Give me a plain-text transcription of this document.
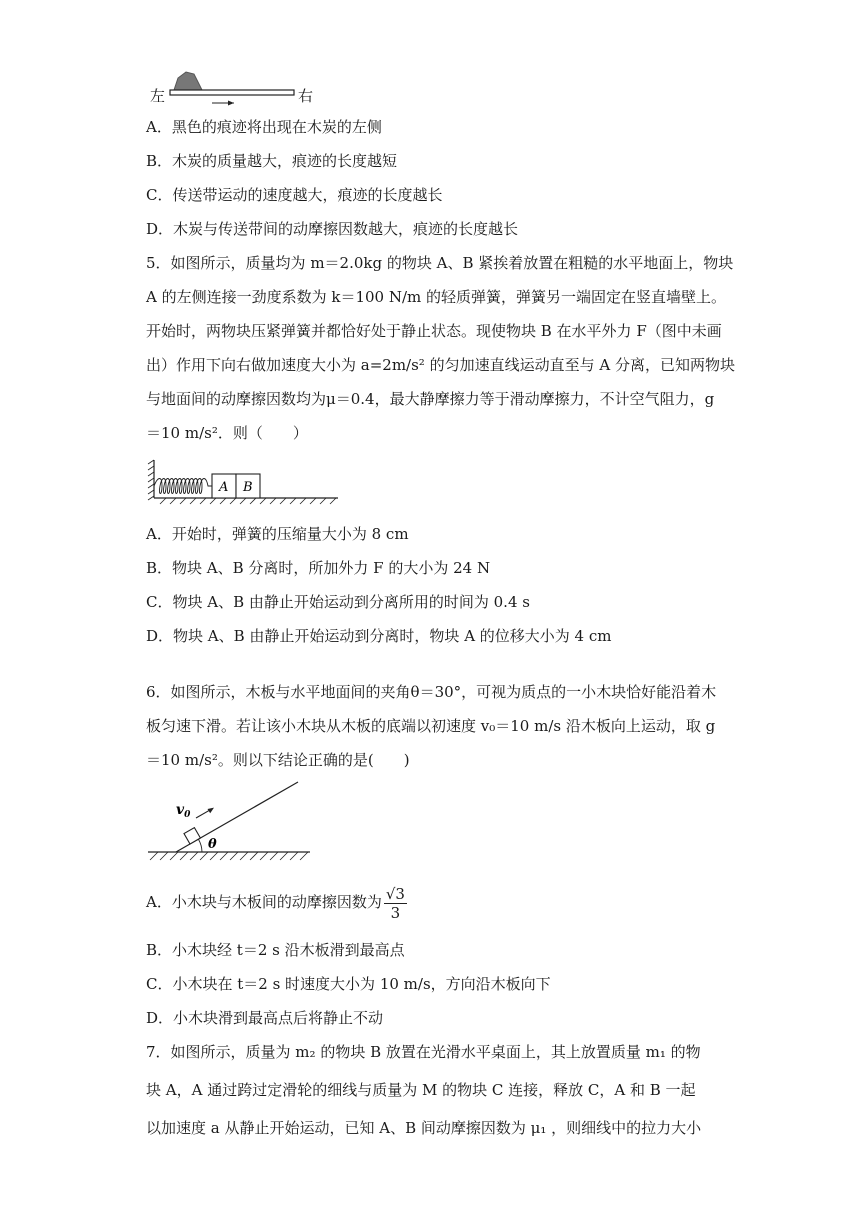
左	右
A．黑色的痕迹将出现在木炭的左侧
B．木炭的质量越大，痕迹的长度越短
C．传送带运动的速度越大，痕迹的长度越长
D．木炭与传送带间的动摩擦因数越大，痕迹的长度越长
5．如图所示，质量均为 m＝2.0kg 的物块 A、B 紧挨着放置在粗糙的水平地面上，物块
A 的左侧连接一劲度系数为 k＝100 N/m 的轻质弹簧，弹簧另一端固定在竖直墙壁上。
开始时，两物块压紧弹簧并都恰好处于静止状态。现使物块 B 在水平外力 F（图中未画
出）作用下向右做加速度大小为 a=2m/s² 的匀加速直线运动直至与 A 分离，已知两物块
与地面间的动摩擦因数均为μ＝0.4，最大静摩擦力等于滑动摩擦力，不计空气阻力，g
＝10 m/s²．则（　　）
A B
A．开始时，弹簧的压缩量大小为 8 cm
B．物块 A、B 分离时，所加外力 F 的大小为 24 N
C．物块 A、B 由静止开始运动到分离所用的时间为 0.4 s
D．物块 A、B 由静止开始运动到分离时，物块 A 的位移大小为 4 cm
6．如图所示，木板与水平地面间的夹角θ＝30°，可视为质点的一小木块恰好能沿着木
板匀速下滑。若让该小木块从木板的底端以初速度 v₀＝10 m/s 沿木板向上运动，取 g
＝10 m/s²。则以下结论正确的是(　　)
$v_0$
θ
A．小木块与木板间的动摩擦因数为 $\frac{√3}{3}$
B．小木块经 t＝2 s 沿木板滑到最高点
C．小木块在 t＝2 s 时速度大小为 10 m/s，方向沿木板向下
D．小木块滑到最高点后将静止不动
7．如图所示，质量为 m₂ 的物块 B 放置在光滑水平桌面上，其上放置质量 m₁ 的物
块 A，A 通过跨过定滑轮的细线与质量为 M 的物块 C 连接，释放 C，A 和 B 一起
以加速度 a 从静止开始运动，已知 A、B 间动摩擦因数为 μ₁ ，则细线中的拉力大小
